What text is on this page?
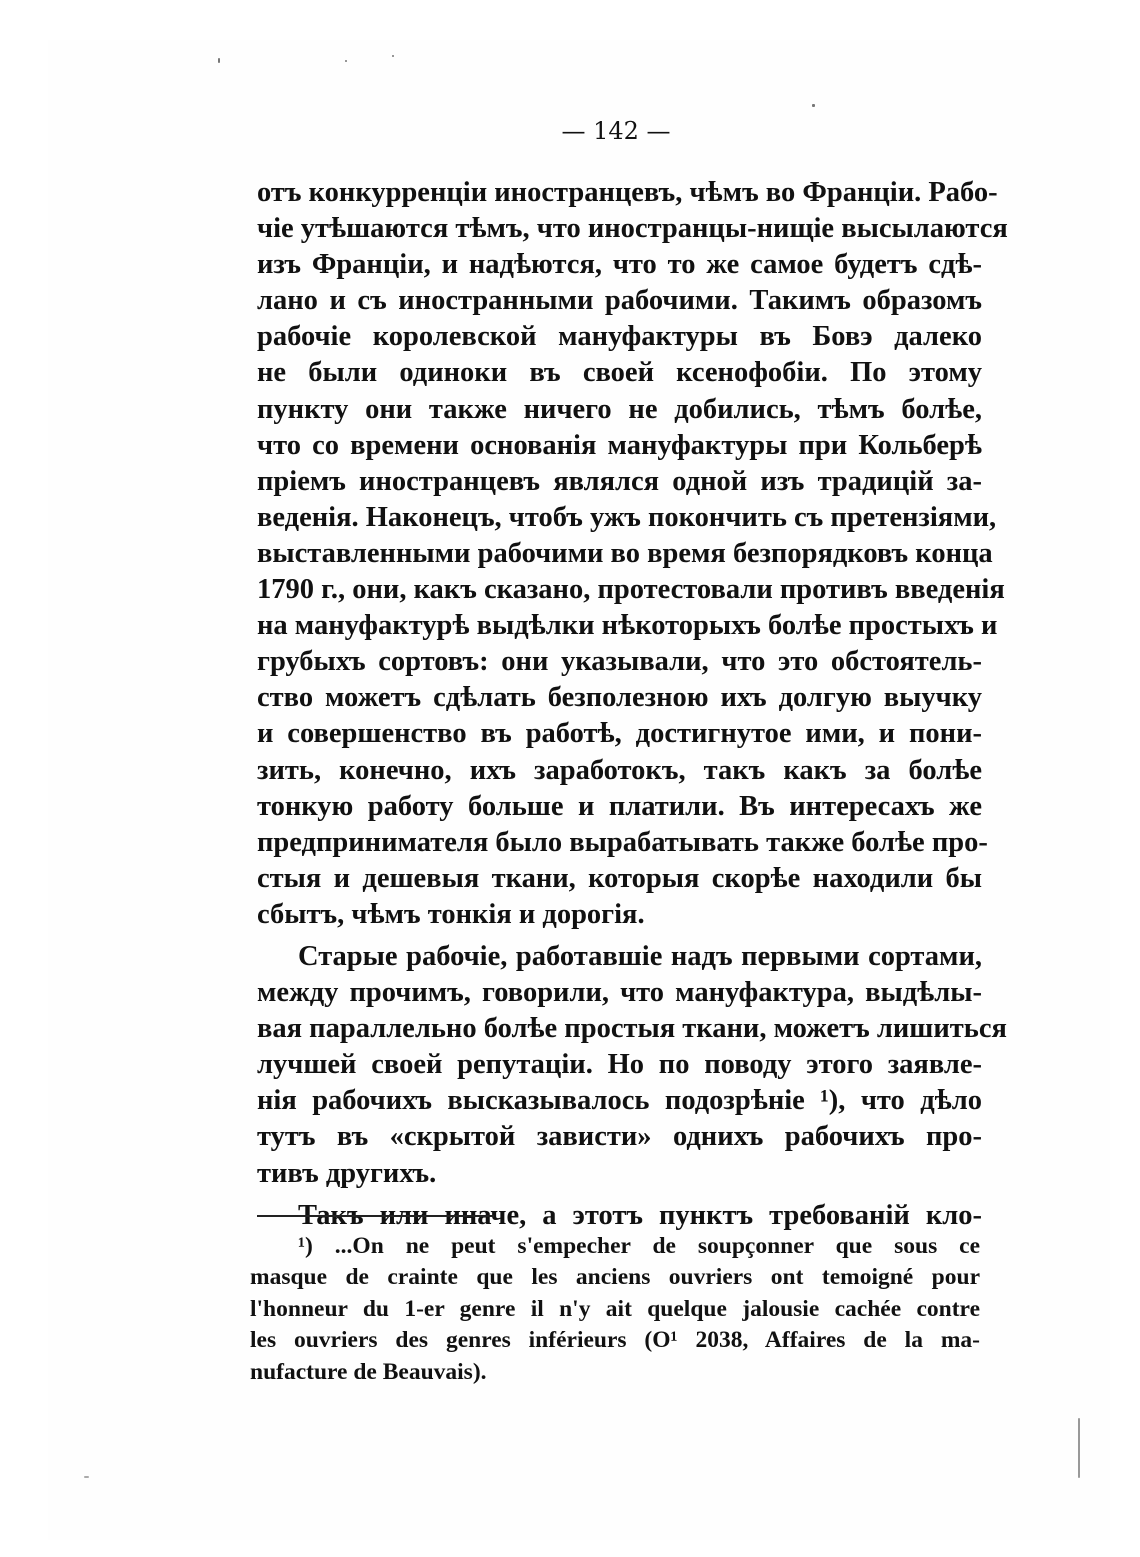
— 142 —
отъ конкурренціи иностранцевъ, чѣмъ во Франціи. Рабо-
чіе утѣшаются тѣмъ, что иностранцы-нищіе высылаются
изъ Франціи, и надѣются, что то же самое будетъ сдѣ-
лано и съ иностранными рабочими. Такимъ образомъ
рабочіе королевской мануфактуры въ Бовэ далеко
не были одиноки въ своей ксенофобіи. По этому
пункту они также ничего не добились, тѣмъ болѣе,
что со времени основанія мануфактуры при Кольберѣ
пріемъ иностранцевъ являлся одной изъ традицій за-
веденія. Наконецъ, чтобъ ужъ покончить съ претензіями,
выставленными рабочими во время безпорядковъ конца
1790 г., они, какъ сказано, протестовали противъ введенія
на мануфактурѣ выдѣлки нѣкоторыхъ болѣе простыхъ и
грубыхъ сортовъ: они указывали, что это обстоятель-
ство можетъ сдѣлать безполезною ихъ долгую выучку
и совершенство въ работѣ, достигнутое ими, и пони-
зить, конечно, ихъ заработокъ, такъ какъ за болѣе
тонкую работу больше и платили. Въ интересахъ же
предпринимателя было вырабатывать также болѣе про-
стыя и дешевыя ткани, которыя скорѣе находили бы
сбытъ, чѣмъ тонкія и дорогія.
Старые рабочіе, работавшіе надъ первыми сортами,
между прочимъ, говорили, что мануфактура, выдѣлы-
вая параллельно болѣе простыя ткани, можетъ лишиться
лучшей своей репутаціи. Но по поводу этого заявле-
нія рабочихъ высказывалось подозрѣніе ¹), что дѣло
тутъ въ «скрытой зависти» однихъ рабочихъ про-
тивъ другихъ.
Такъ или иначе, а этотъ пунктъ требованій кло-
¹) ...On ne peut s'empecher de soupçonner que sous ce
masque de crainte que les anciens ouvriers ont temoigné pour
l'honneur du 1-er genre il n'y ait quelque jalousie cachée contre
les ouvriers des genres inférieurs (O¹ 2038, Affaires de la ma-
nufacture de Beauvais).
